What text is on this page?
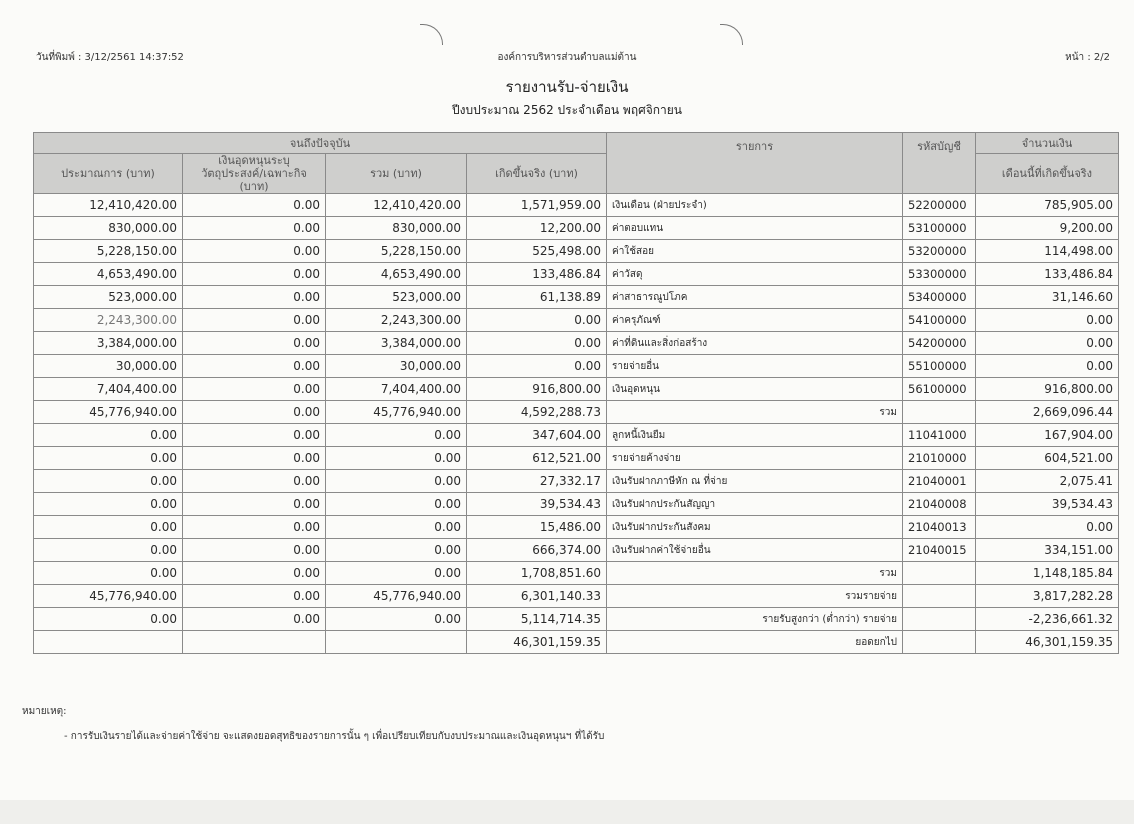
วันที่พิมพ์ : 3/12/2561 14:37:52	องค์การบริหารส่วนตำบลแม่ต้าน	หน้า : 2/2
รายงานรับ-จ่ายเงิน
ปีงบประมาณ 2562 ประจำเดือน พฤศจิกายน
จนถึงปัจจุบัน				รายการ	รหัสบัญชี	จำนวนเงิน
ประมาณการ (บาท)	เงินอุดหนุนระบุวัตถุประสงค์/เฉพาะกิจ (บาท)	รวม (บาท)	เกิดขึ้นจริง (บาท)			เดือนนี้ที่เกิดขึ้นจริง
12,410,420.00	0.00	12,410,420.00	1,571,959.00	เงินเดือน (ฝ่ายประจำ)	52200000	785,905.00
830,000.00	0.00	830,000.00	12,200.00	ค่าตอบแทน	53100000	9,200.00
5,228,150.00	0.00	5,228,150.00	525,498.00	ค่าใช้สอย	53200000	114,498.00
4,653,490.00	0.00	4,653,490.00	133,486.84	ค่าวัสดุ	53300000	133,486.84
523,000.00	0.00	523,000.00	61,138.89	ค่าสาธารณูปโภค	53400000	31,146.60
2,243,300.00	0.00	2,243,300.00	0.00	ค่าครุภัณฑ์	54100000	0.00
3,384,000.00	0.00	3,384,000.00	0.00	ค่าที่ดินและสิ่งก่อสร้าง	54200000	0.00
30,000.00	0.00	30,000.00	0.00	รายจ่ายอื่น	55100000	0.00
7,404,400.00	0.00	7,404,400.00	916,800.00	เงินอุดหนุน	56100000	916,800.00
45,776,940.00	0.00	45,776,940.00	4,592,288.73	รวม		2,669,096.44
0.00	0.00	0.00	347,604.00	ลูกหนี้เงินยืม	11041000	167,904.00
0.00	0.00	0.00	612,521.00	รายจ่ายค้างจ่าย	21010000	604,521.00
0.00	0.00	0.00	27,332.17	เงินรับฝากภาษีหัก ณ ที่จ่าย	21040001	2,075.41
0.00	0.00	0.00	39,534.43	เงินรับฝากประกันสัญญา	21040008	39,534.43
0.00	0.00	0.00	15,486.00	เงินรับฝากประกันสังคม	21040013	0.00
0.00	0.00	0.00	666,374.00	เงินรับฝากค่าใช้จ่ายอื่น	21040015	334,151.00
0.00	0.00	0.00	1,708,851.60	รวม		1,148,185.84
45,776,940.00	0.00	45,776,940.00	6,301,140.33	รวมรายจ่าย		3,817,282.28
0.00	0.00	0.00	5,114,714.35	รายรับสูงกว่า (ต่ำกว่า) รายจ่าย		-2,236,661.32
			46,301,159.35	ยอดยกไป		46,301,159.35
หมายเหตุ:
- การรับเงินรายได้และจ่ายค่าใช้จ่าย จะแสดงยอดสุทธิของรายการนั้น ๆ เพื่อเปรียบเทียบกับงบประมาณและเงินอุดหนุนฯ ที่ได้รับ
